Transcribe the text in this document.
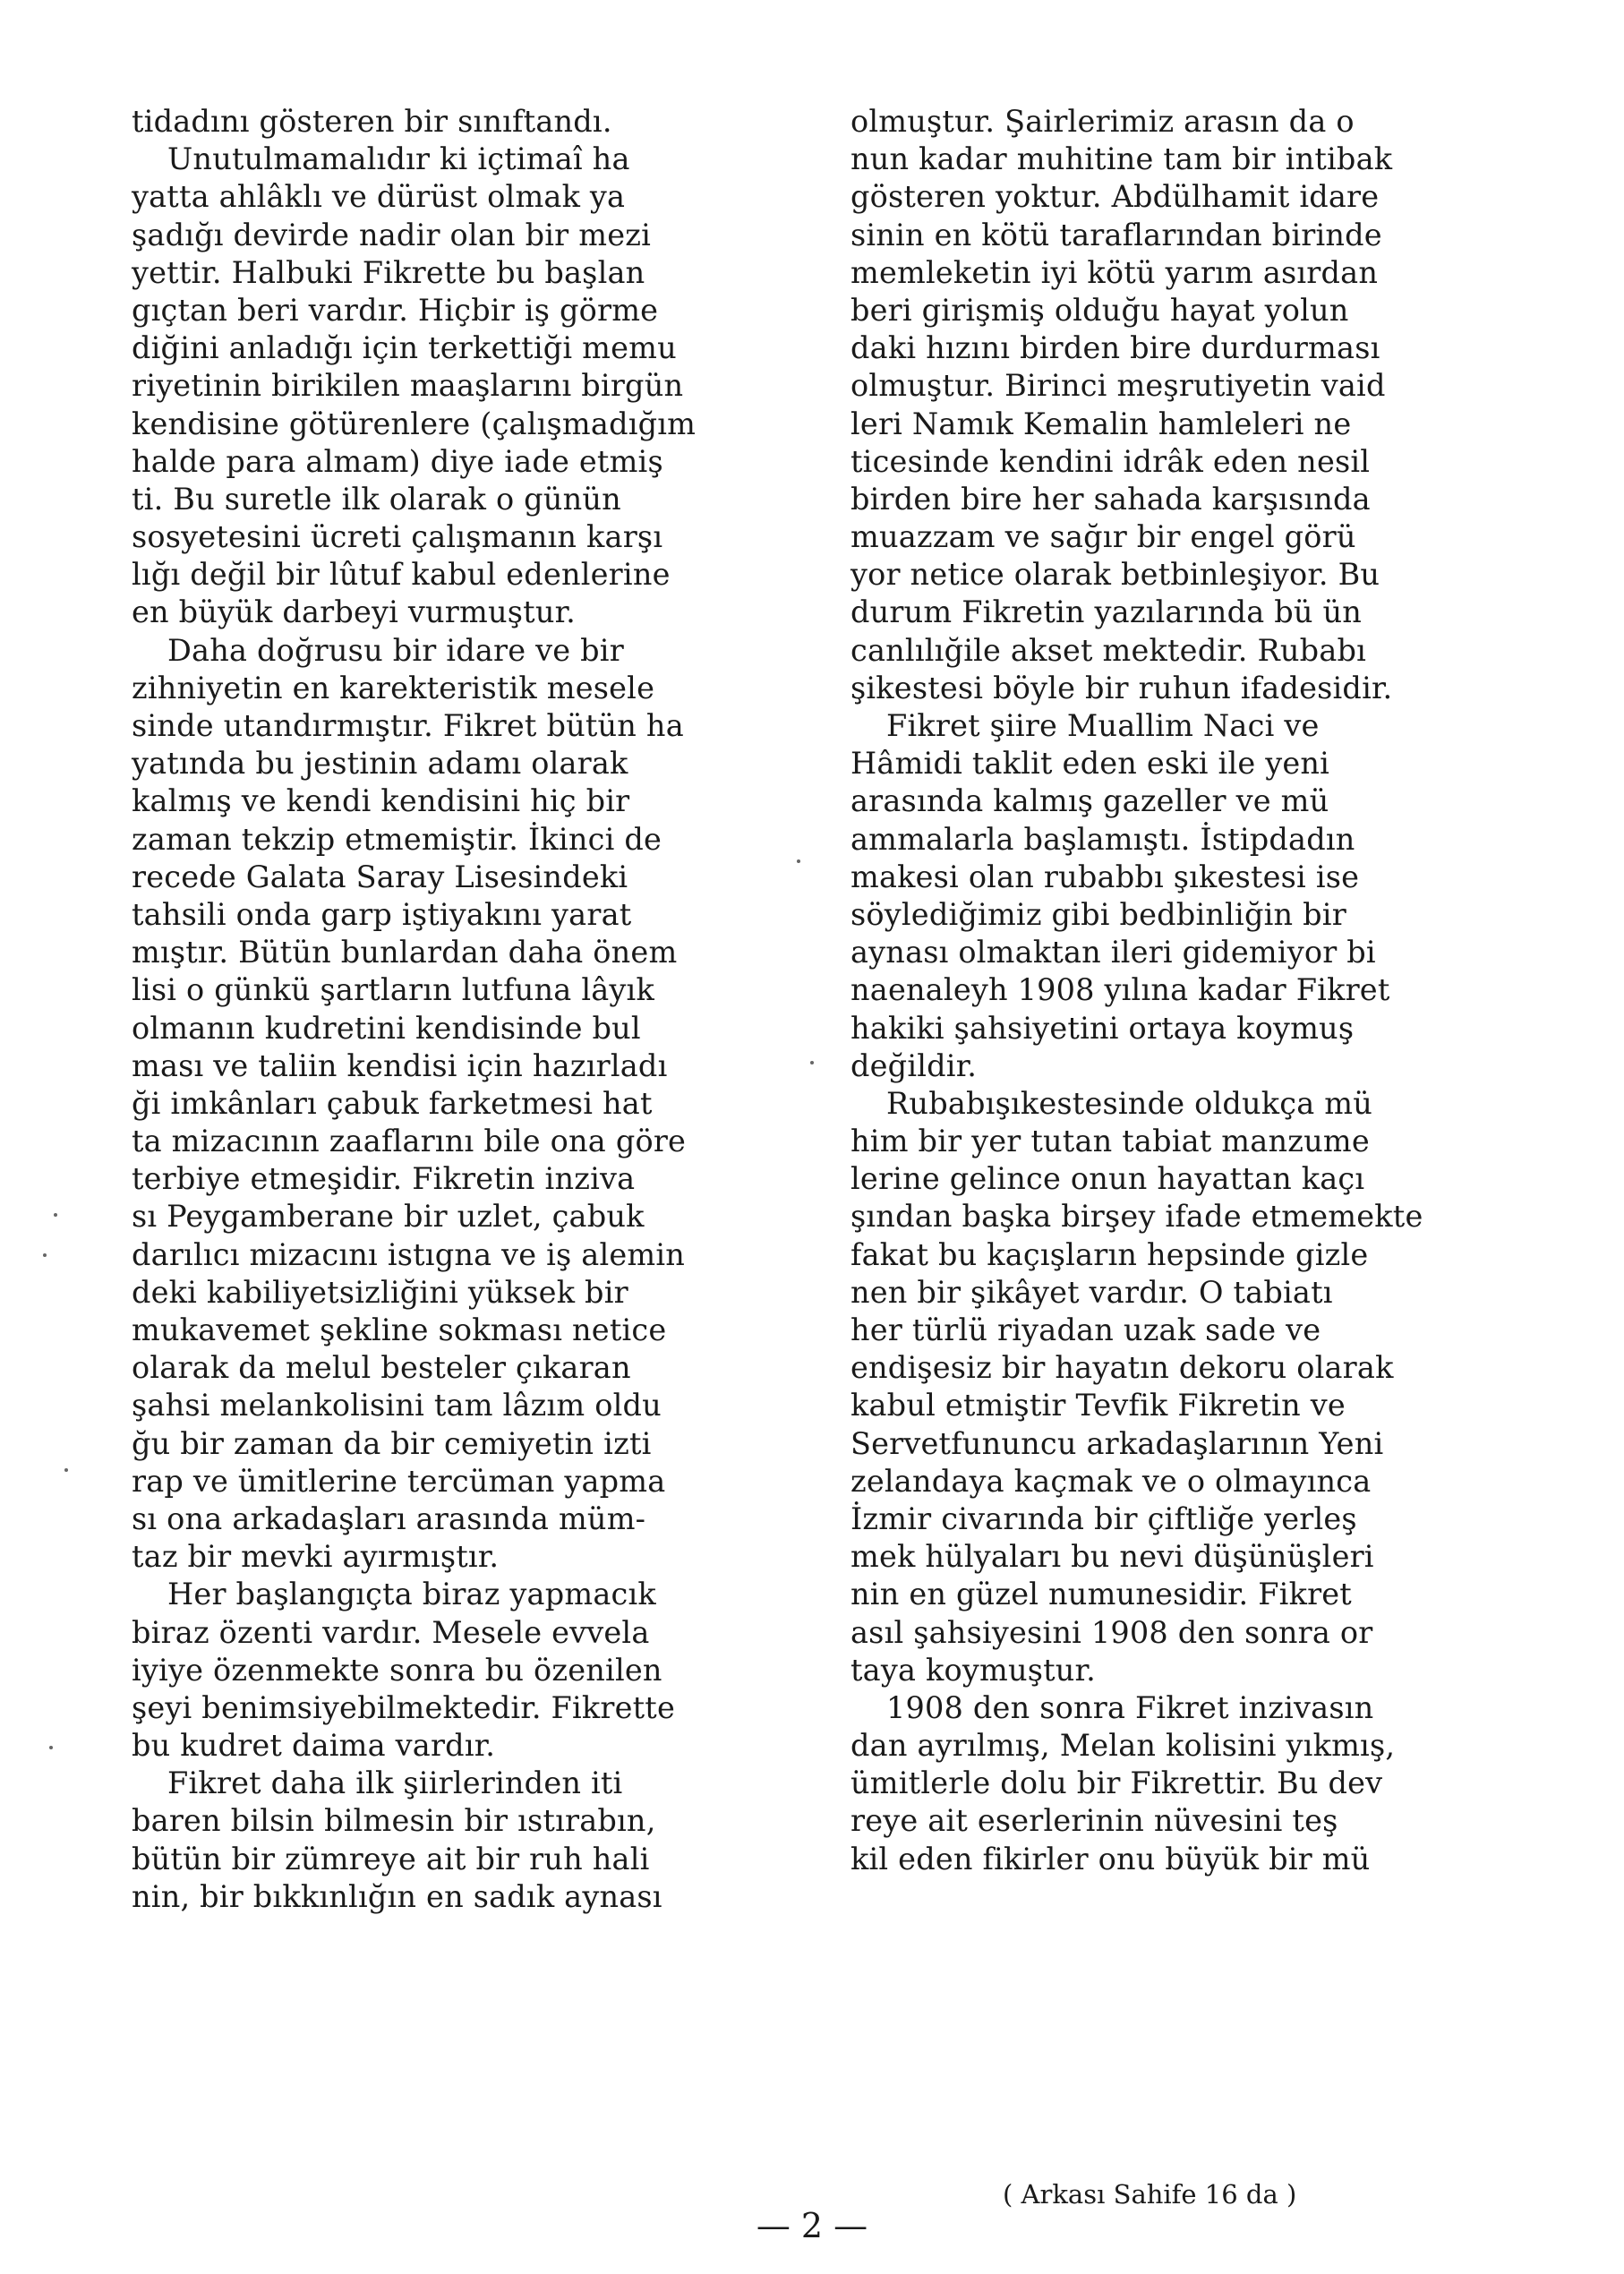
tidadını gösteren bir sınıftandı.
Unutulmamalıdır ki içtimaî ha
yatta ahlâklı ve dürüst olmak ya
şadığı devirde nadir olan bir mezi
yettir. Halbuki Fikrette bu başlan
gıçtan beri vardır. Hiçbir iş görme
diğini anladığı için terkettiği memu
riyetinin birikilen maaşlarını birgün
kendisine götürenlere (çalışmadığım
halde para almam) diye iade etmiş
ti. Bu suretle ilk olarak o günün
sosyetesini ücreti çalışmanın karşı
lığı değil bir lûtuf kabul edenlerine
en büyük darbeyi vurmuştur.
Daha doğrusu bir idare ve bir
zihniyetin en karekteristik mesele
sinde utandırmıştır. Fikret bütün ha
yatında bu jestinin adamı olarak
kalmış ve kendi kendisini hiç bir
zaman tekzip etmemiştir. İkinci de
recede Galata Saray Lisesindeki
tahsili onda garp iştiyakını yarat
mıştır. Bütün bunlardan daha önem
lisi o günkü şartların lutfuna lâyık
olmanın kudretini kendisinde bul
ması ve taliin kendisi için hazırladı
ği imkânları çabuk farketmesi hat
ta mizacının zaaflarını bile ona göre
terbiye etmeşidir. Fikretin inziva
sı Peygamberane bir uzlet, çabuk
darılıcı mizacını istıgna ve iş alemin
deki kabiliyetsizliğini yüksek bir
mukavemet şekline sokması netice
olarak da melul besteler çıkaran
şahsi melankolisini tam lâzım oldu
ğu bir zaman da bir cemiyetin izti
rap ve ümitlerine tercüman yapma
sı ona arkadaşları arasında müm-
taz bir mevki ayırmıştır.
Her başlangıçta biraz yapmacık
biraz özenti vardır. Mesele evvela
iyiye özenmekte sonra bu özenilen
şeyi benimsiyebilmektedir. Fikrette
bu kudret daima vardır.
Fikret daha ilk şiirlerinden iti
baren bilsin bilmesin bir ıstırabın,
bütün bir zümreye ait bir ruh hali
nin, bir bıkkınlığın en sadık aynası
olmuştur. Şairlerimiz arasın da o
nun kadar muhitine tam bir intibak
gösteren yoktur. Abdülhamit idare
sinin en kötü taraflarından birinde
memleketin iyi kötü yarım asırdan
beri girişmiş olduğu hayat yolun
daki hızını birden bire durdurması
olmuştur. Birinci meşrutiyetin vaid
leri Namık Kemalin hamleleri ne
ticesinde kendini idrâk eden nesil
birden bire her sahada karşısında
muazzam ve sağır bir engel görü
yor netice olarak betbinleşiyor. Bu
durum Fikretin yazılarında bü ün
canlılığile akset mektedir. Rubabı
şikestesi böyle bir ruhun ifadesidir.
Fikret şiire Muallim Naci ve
Hâmidi taklit eden eski ile yeni
arasında kalmış gazeller ve mü
ammalarla başlamıştı. İstipdadın
makesi olan rubabbı şıkestesi ise
söylediğimiz gibi bedbinliğin bir
aynası olmaktan ileri gidemiyor bi
naenaleyh 1908 yılına kadar Fikret
hakiki şahsiyetini ortaya koymuş
değildir.
Rubabışıkestesinde oldukça mü
him bir yer tutan tabiat manzume
lerine gelince onun hayattan kaçı
şından başka birşey ifade etmemekte
fakat bu kaçışların hepsinde gizle
nen bir şikâyet vardır. O tabiatı
her türlü riyadan uzak sade ve
endişesiz bir hayatın dekoru olarak
kabul etmiştir Tevfik Fikretin ve
Servetfununcu arkadaşlarının Yeni
zelandaya kaçmak ve o olmayınca
İzmir civarında bir çiftliğe yerleş
mek hülyaları bu nevi düşünüşleri
nin en güzel numunesidir. Fikret
asıl şahsiyesini 1908 den sonra or
taya koymuştur.
1908 den sonra Fikret inzivasın
dan ayrılmış, Melan kolisini yıkmış,
ümitlerle dolu bir Fikrettir. Bu dev
reye ait eserlerinin nüvesini teş
kil eden fikirler onu büyük bir mü
( Arkası Sahife 16 da )
— 2 —
